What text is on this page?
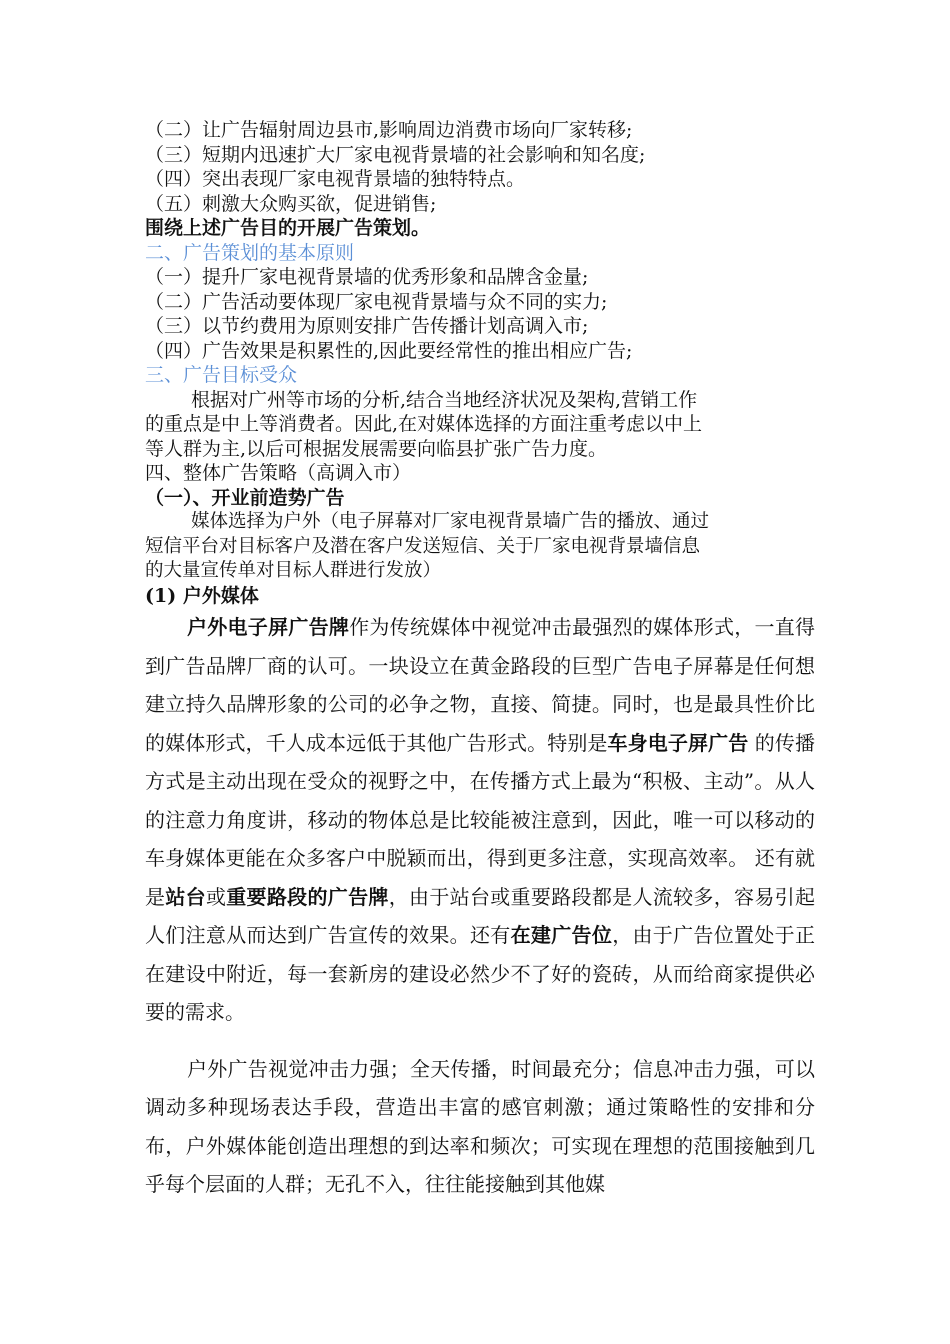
（二）让广告辐射周边县市,影响周边消费市场向厂家转移;
（三）短期内迅速扩大厂家电视背景墙的社会影响和知名度;
（四）突出表现厂家电视背景墙的独特特点。
（五）刺激大众购买欲，促进销售;
围绕上述广告目的开展广告策划。
二、广告策划的基本原则
（一）提升厂家电视背景墙的优秀形象和品牌含金量;
（二）广告活动要体现厂家电视背景墙与众不同的实力;
（三）以节约费用为原则安排广告传播计划高调入市;
（四）广告效果是积累性的,因此要经常性的推出相应广告;
三、广告目标受众
根据对广州等市场的分析,结合当地经济状况及架构,营销工作
的重点是中上等消费者。因此,在对媒体选择的方面注重考虑以中上
等人群为主,以后可根据发展需要向临县扩张广告力度。
四、整体广告策略（高调入市）
（一）、开业前造势广告
媒体选择为户外（电子屏幕对厂家电视背景墙广告的播放、通过
短信平台对目标客户及潜在客户发送短信、关于厂家电视背景墙信息
的大量宣传单对目标人群进行发放）
(1) 户外媒体
户外电子屏广告牌作为传统媒体中视觉冲击最强烈的媒体形式，一直得到广告品牌厂商的认可。一块设立在黄金路段的巨型广告电子屏幕是任何想建立持久品牌形象的公司的必争之物，直接、简捷。同时，也是最具性价比的媒体形式，千人成本远低于其他广告形式。特别是车身电子屏广告 的传播方式是主动出现在受众的视野之中，在传播方式上最为“积极、主动”。从人的注意力角度讲，移动的物体总是比较能被注意到，因此，唯一可以移动的车身媒体更能在众多客户中脱颖而出，得到更多注意，实现高效率。 还有就是站台或重要路段的广告牌，由于站台或重要路段都是人流较多，容易引起人们注意从而达到广告宣传的效果。还有在建广告位，由于广告位置处于正在建设中附近，每一套新房的建设必然少不了好的瓷砖，从而给商家提供必要的需求。
户外广告视觉冲击力强；全天传播，时间最充分；信息冲击力强，可以调动多种现场表达手段，营造出丰富的感官刺激；通过策略性的安排和分布，户外媒体能创造出理想的到达率和频次；可实现在理想的范围接触到几乎每个层面的人群；无孔不入，往往能接触到其他媒
